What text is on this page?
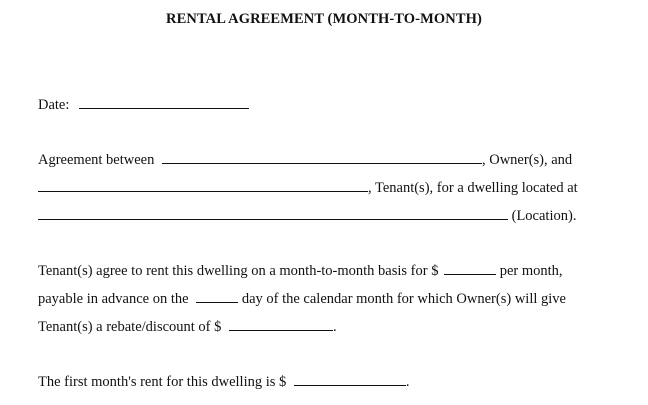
RENTAL AGREEMENT (MONTH-TO-MONTH)
Date:
Agreement between	, Owner(s), and
, Tenant(s), for a dwelling located at
(Location).
Tenant(s) agree to rent this dwelling on a month-to-month basis for $	per month,
payable in advance on the	day of the calendar month for which Owner(s) will give
Tenant(s) a rebate/discount of $	.
The first month's rent for this dwelling is $	.
